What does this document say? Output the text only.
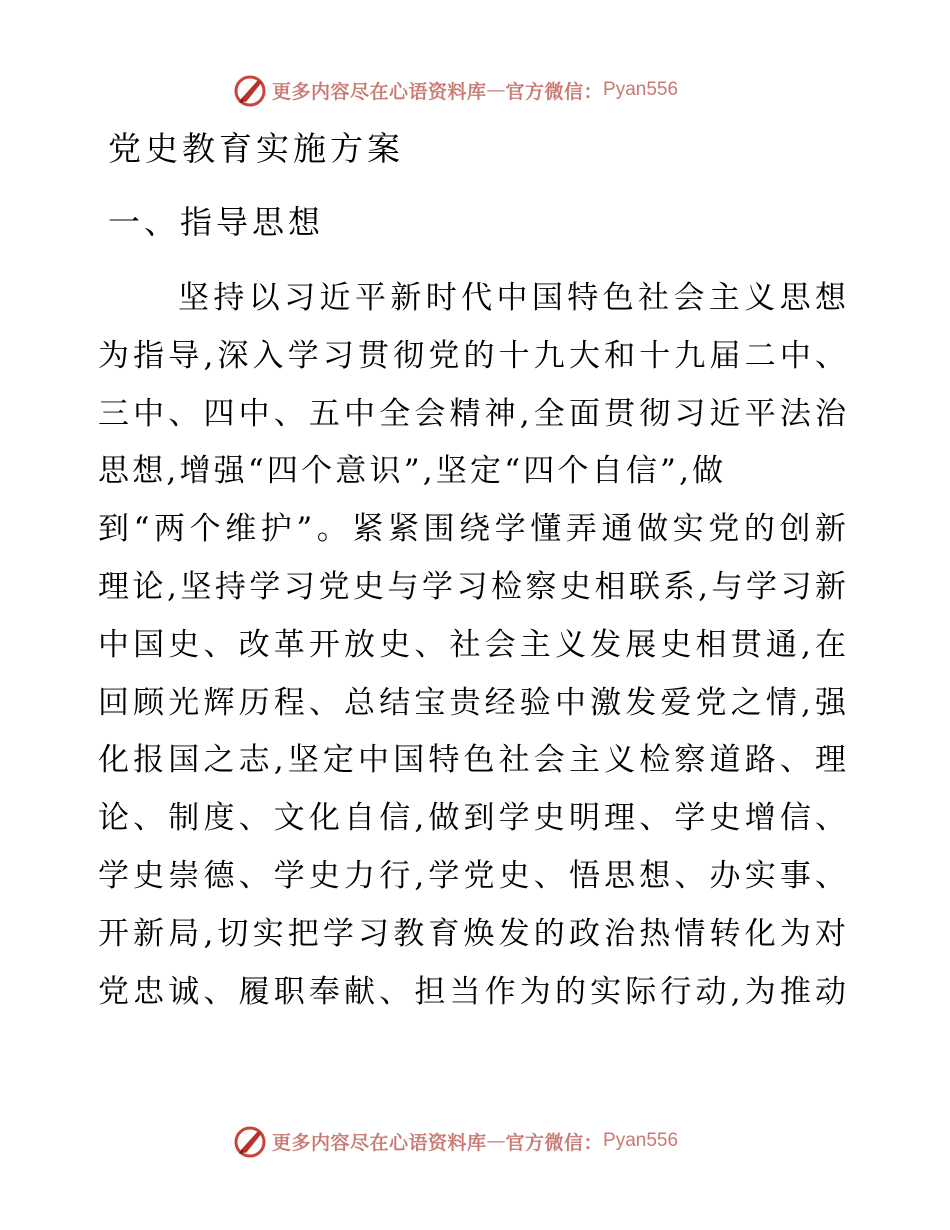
更多内容尽在心语资料库 — 官方微信： Pyan556
党史教育实施方案
一、指导思想
坚持以习近平新时代中国特色社会主义思想
为指导,深入学习贯彻党的十九大和十九届二中、
三中、四中、五中全会精神,全面贯彻习近平法治
思想,增强“四个意识”,坚定“四个自信”,做
到“两个维护”。紧紧围绕学懂弄通做实党的创新
理论,坚持学习党史与学习检察史相联系,与学习新
中国史、改革开放史、社会主义发展史相贯通,在
回顾光辉历程、总结宝贵经验中激发爱党之情,强
化报国之志,坚定中国特色社会主义检察道路、理
论、制度、文化自信,做到学史明理、学史增信、
学史崇德、学史力行,学党史、悟思想、办实事、
开新局,切实把学习教育焕发的政治热情转化为对
党忠诚、履职奉献、担当作为的实际行动,为推动
更多内容尽在心语资料库 — 官方微信： Pyan556
